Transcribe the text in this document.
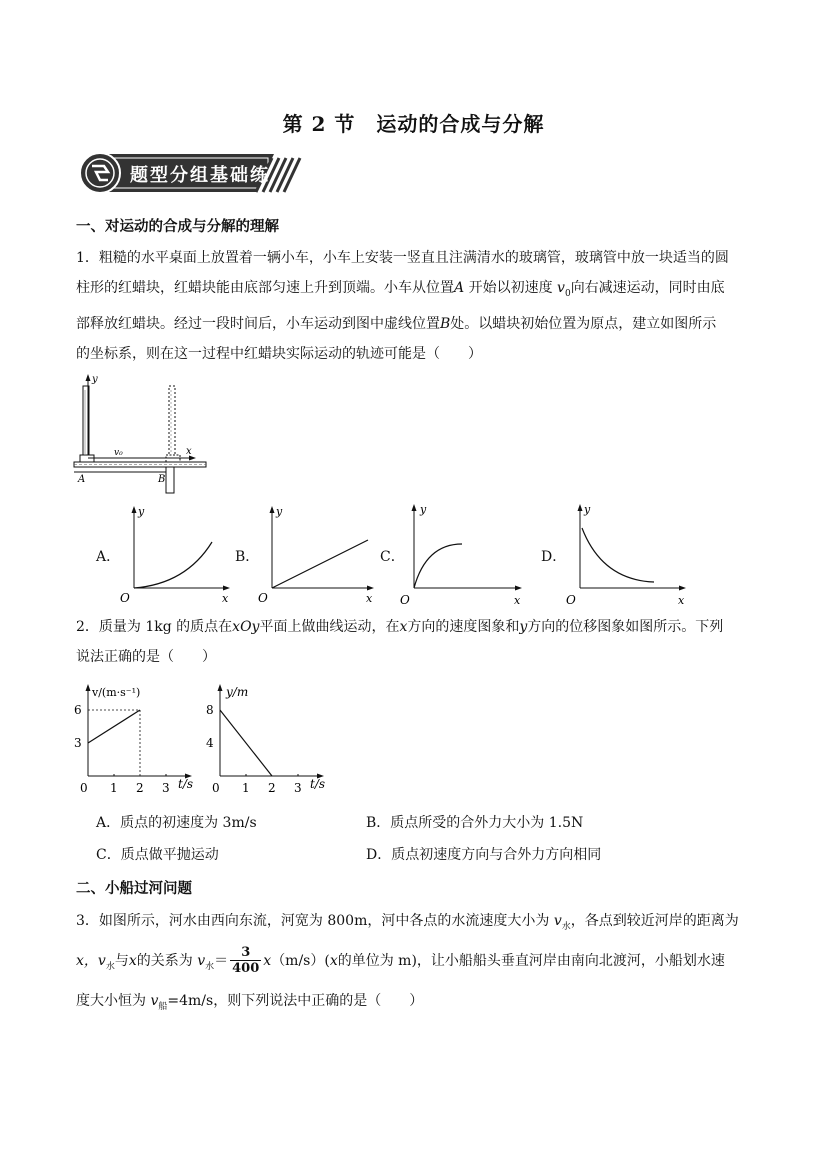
第 2 节　运动的合成与分解
题型分组基础练
一、对运动的合成与分解的理解
1．粗糙的水平桌面上放置着一辆小车，小车上安装一竖直且注满清水的玻璃管，玻璃管中放一块适当的圆
柱形的红蜡块，红蜡块能由底部匀速上升到顶端。小车从位置A 开始以初速度 $v_0$向右减速运动，同时由底
部释放红蜡块。经过一段时间后，小车运动到图中虚线位置B处。以蜡块初始位置为原点，建立如图所示
的坐标系，则在这一过程中红蜡块实际运动的轨迹可能是（　　）
y
x
v₀
A	B
A．
y
x
O
B．
y
x
O
C．
y
x
O
D．
y
x
O
2．质量为 1kg 的质点在xOy平面上做曲线运动，在x方向的速度图象和y方向的位移图象如图所示。下列
说法正确的是（　　）
v/(m·s⁻¹)
6
3
0 1 2 3 t/s
y/m
8
4
0 1 2 3 t/s
A．质点的初速度为 3m/s	B．质点所受的合外力大小为 1.5N
C．质点做平抛运动	D．质点初速度方向与合外力方向相同
二、小船过河问题
3．如图所示，河水由西向东流，河宽为 800m，河中各点的水流速度大小为 $v_水$，各点到较近河岸的距离为
x，$v_水$与x的关系为 $v_水= \frac{3}{400} x(m/s)(x$的单位为 m)，让小船船头垂直河岸由南向北渡河，小船划水速
度大小恒为 $v_船=4m/s$，则下列说法中正确的是（　　）
